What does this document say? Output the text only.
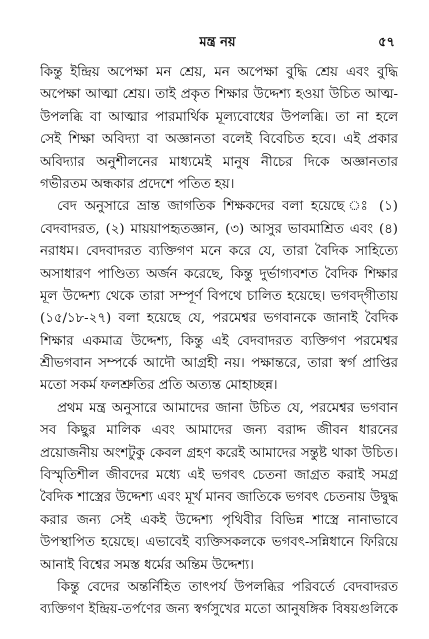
মন্ত্র নয়	৫৭
কিন্তু ইন্দ্রিয় অপেক্ষা মন শ্রেয়, মন অপেক্ষা বুদ্ধি শ্রেয় এবং বুদ্ধি
অপেক্ষা আত্মা শ্রেয়। তাই প্রকৃত শিক্ষার উদ্দেশ্য হওয়া উচিত আত্ম-
উপলব্ধি বা আত্মার পারমার্থিক মূল্যবোধের উপলব্ধি। তা না হলে
সেই শিক্ষা অবিদ্যা বা অজ্ঞানতা বলেই বিবেচিত হবে। এই প্রকার
অবিদ্যার অনুশীলনের মাধ্যমেই মানুষ নীচের দিকে অজ্ঞানতার
গভীরতম অন্ধকার প্রদেশে পতিত হয়।
বেদ অনুসারে ভ্রান্ত জাগতিক শিক্ষকদের বলা হয়েছে ঃ (১)
বেদবাদরত, (২) মায়য়াপহৃতজ্ঞান, (৩) আসুর ভাবমাশ্রিত এবং (৪)
নরাধম। বেদবাদরত ব্যক্তিগণ মনে করে যে, তারা বৈদিক সাহিত্যে
অসাধারণ পাণ্ডিত্য অর্জন করেছে, কিন্তু দুর্ভাগ্যবশত বৈদিক শিক্ষার
মূল উদ্দেশ্য থেকে তারা সম্পূর্ণ বিপথে চালিত হয়েছে। ভগবদ্‌গীতায়
(১৫/১৮-২৭) বলা হয়েছে যে, পরমেশ্বর ভগবানকে জানাই বৈদিক
শিক্ষার একমাত্র উদ্দেশ্য, কিন্তু এই বেদবাদরত ব্যক্তিগণ পরমেশ্বর
শ্রীভগবান সম্পর্কে আদৌ আগ্রহী নয়। পক্ষান্তরে, তারা স্বর্গ প্রাপ্তির
মতো সকর্ম ফলশ্রুতির প্রতি অত্যন্ত মোহাচ্ছন্ন।
প্রথম মন্ত্র অনুসারে আমাদের জানা উচিত যে, পরমেশ্বর ভগবান
সব কিছুর মালিক এবং আমাদের জন্য বরাদ্দ জীবন ধারনের
প্রয়োজনীয় অংশটুকু কেবল গ্রহণ করেই আমাদের সন্তুষ্ট থাকা উচিত।
বিস্মৃতিশীল জীবদের মধ্যে এই ভগবৎ চেতনা জাগ্রত করাই সমগ্র
বৈদিক শাস্ত্রের উদ্দেশ্য এবং মূর্খ মানব জাতিকে ভগবৎ চেতনায় উদ্বুদ্ধ
করার জন্য সেই একই উদ্দেশ্য পৃথিবীর বিভিন্ন শাস্ত্রে নানাভাবে
উপস্থাপিত হয়েছে। এভাবেই ব্যক্তিসকলকে ভগবৎ-সন্নিধানে ফিরিয়ে
আনাই বিশ্বের সমস্ত ধর্মের অন্তিম উদ্দেশ্য।
কিন্তু বেদের অন্তর্নিহিত তাৎপর্য উপলব্ধির পরিবর্তে বেদবাদরত
ব্যক্তিগণ ইন্দ্রিয়-তর্পণের জন্য স্বর্গসুখের মতো আনুষঙ্গিক বিষয়গুলিকে
